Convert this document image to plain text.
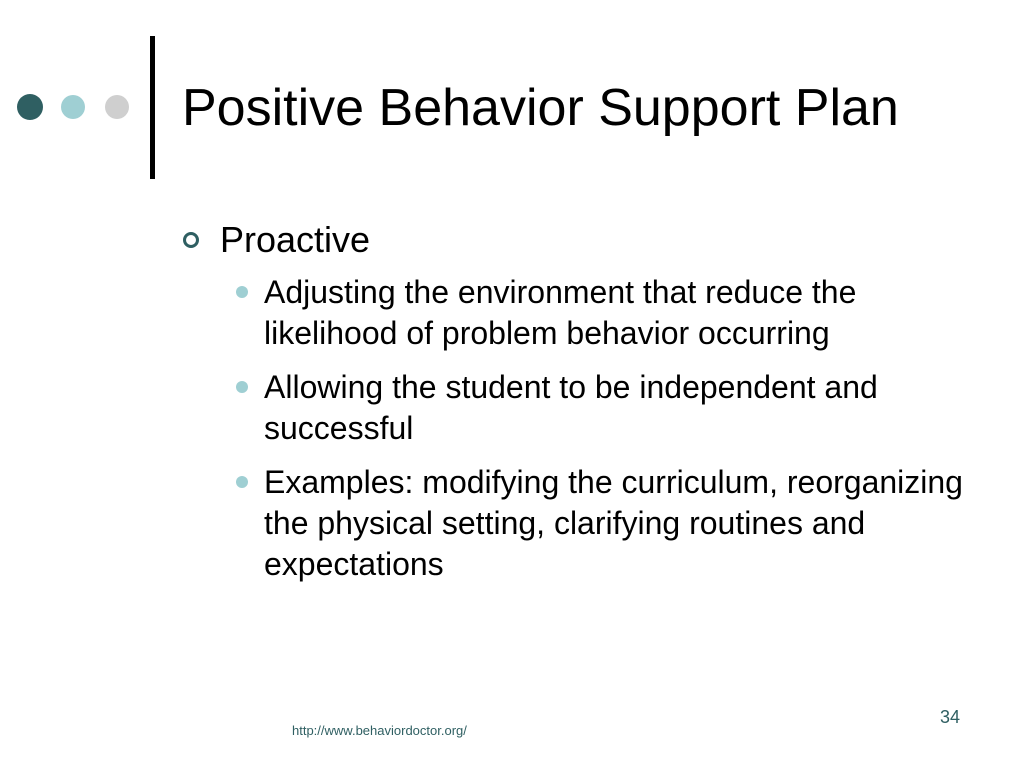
Positive Behavior Support Plan
Proactive
Adjusting the environment that reduce the likelihood of problem behavior occurring
Allowing the student to be independent and successful
Examples: modifying the curriculum, reorganizing the physical setting, clarifying routines and expectations
http://www.behaviordoctor.org/
34
